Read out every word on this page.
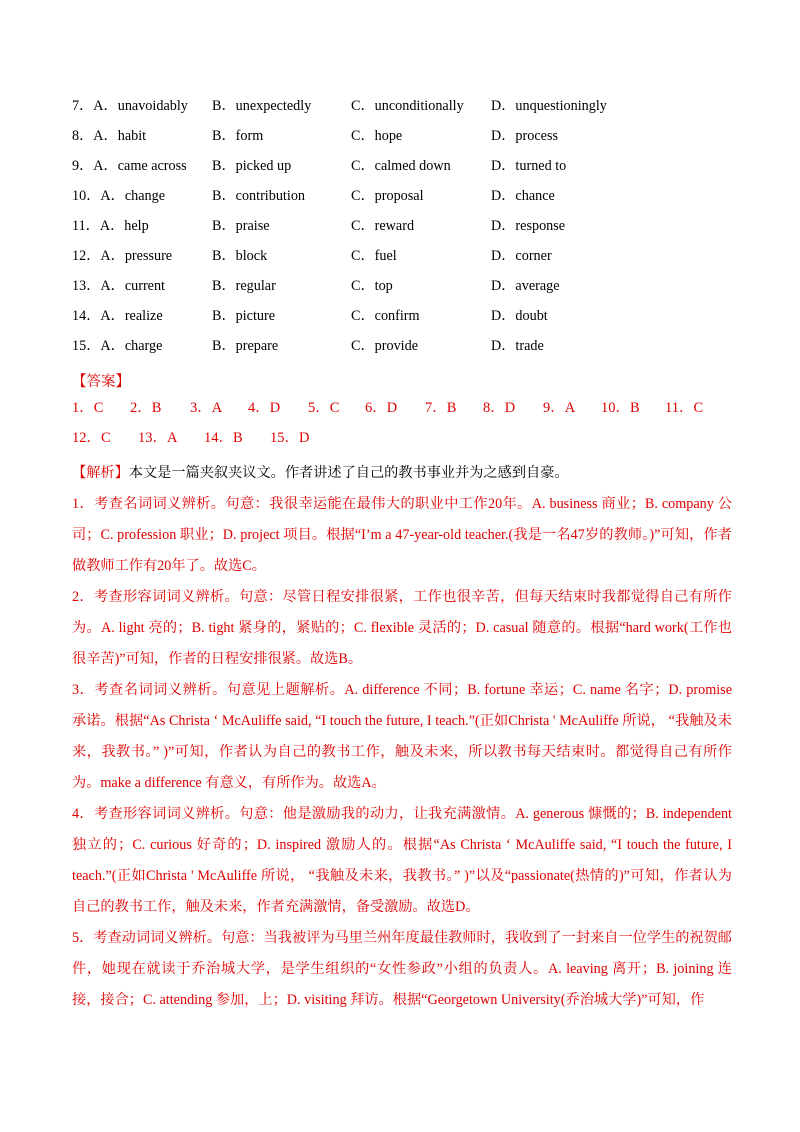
7．A．unavoidably B．unexpectedly	C．unconditionally D．unquestioningly
8．A．habit	B．form	C．hope	D．process
9．A．came across B．picked up	C．calmed down	D．turned to
10．A．change	B．contribution	C．proposal	D．chance
11．A．help	B．praise	C．reward	D．response
12．A．pressure	B．block	C．fuel	D．corner
13．A．current	B．regular	C．top	D．average
14．A．realize	B．picture	C．confirm	D．doubt
15．A．charge	B．prepare	C．provide	D．trade
【答案】
1．C 2．B 3．A 4．D 5．C 6．D 7．B 8．D 9．A 10．B 11．C
12．C 13．A 14．B 15．D

【解析】本文是一篇夹叙夹议文。作者讲述了自己的教书事业并为之感到自豪。

1．考查名词词义辨析。句意：我很幸运能在最伟大的职业中工作20年。A. business 商业；B. company 公司；C. profession 职业；D. project 项目。根据“I’m a 47-year-old teacher.(我是一名47岁的教师。)”可知，作者做教师工作有20年了。故选C。

2．考查形容词词义辨析。句意：尽管日程安排很紧，工作也很辛苦，但每天结束时我都觉得自己有所作为。A. light 亮的；B. tight 紧身的，紧贴的；C. flexible 灵活的；D. casual 随意的。根据“hard work(工作也很辛苦)”可知，作者的日程安排很紧。故选B。

3．考查名词词义辨析。句意见上题解析。A. difference 不同；B. fortune 幸运；C. name 名字；D. promise 承诺。根据“As Christa ‘ McAuliffe said, “I touch the future, I teach.”(正如Christa ' McAuliffe 所说， “我触及未来，我教书。” )”可知，作者认为自己的教书工作，触及未来，所以教书每天结束时。都觉得自己有所作为。make a difference 有意义，有所作为。故选A。

4．考查形容词词义辨析。句意：他是激励我的动力，让我充满激情。A. generous 慷慨的；B. independent 独立的；C. curious 好奇的；D. inspired 激励人的。根据“As Christa ‘ McAuliffe said, “I touch the future, I teach.”(正如Christa ' McAuliffe 所说， “我触及未来，我教书。” )”以及“passionate(热情的)”可知，作者认为自己的教书工作，触及未来，作者充满激情，备受激励。故选D。

5．考查动词词义辨析。句意：当我被评为马里兰州年度最佳教师时，我收到了一封来自一位学生的祝贺邮件，她现在就读于乔治城大学，是学生组织的“女性参政”小组的负责人。A. leaving 离开；B. joining 连接，接合；C. attending 参加，上；D. visiting 拜访。根据“Georgetown University(乔治城大学)”可知，作
